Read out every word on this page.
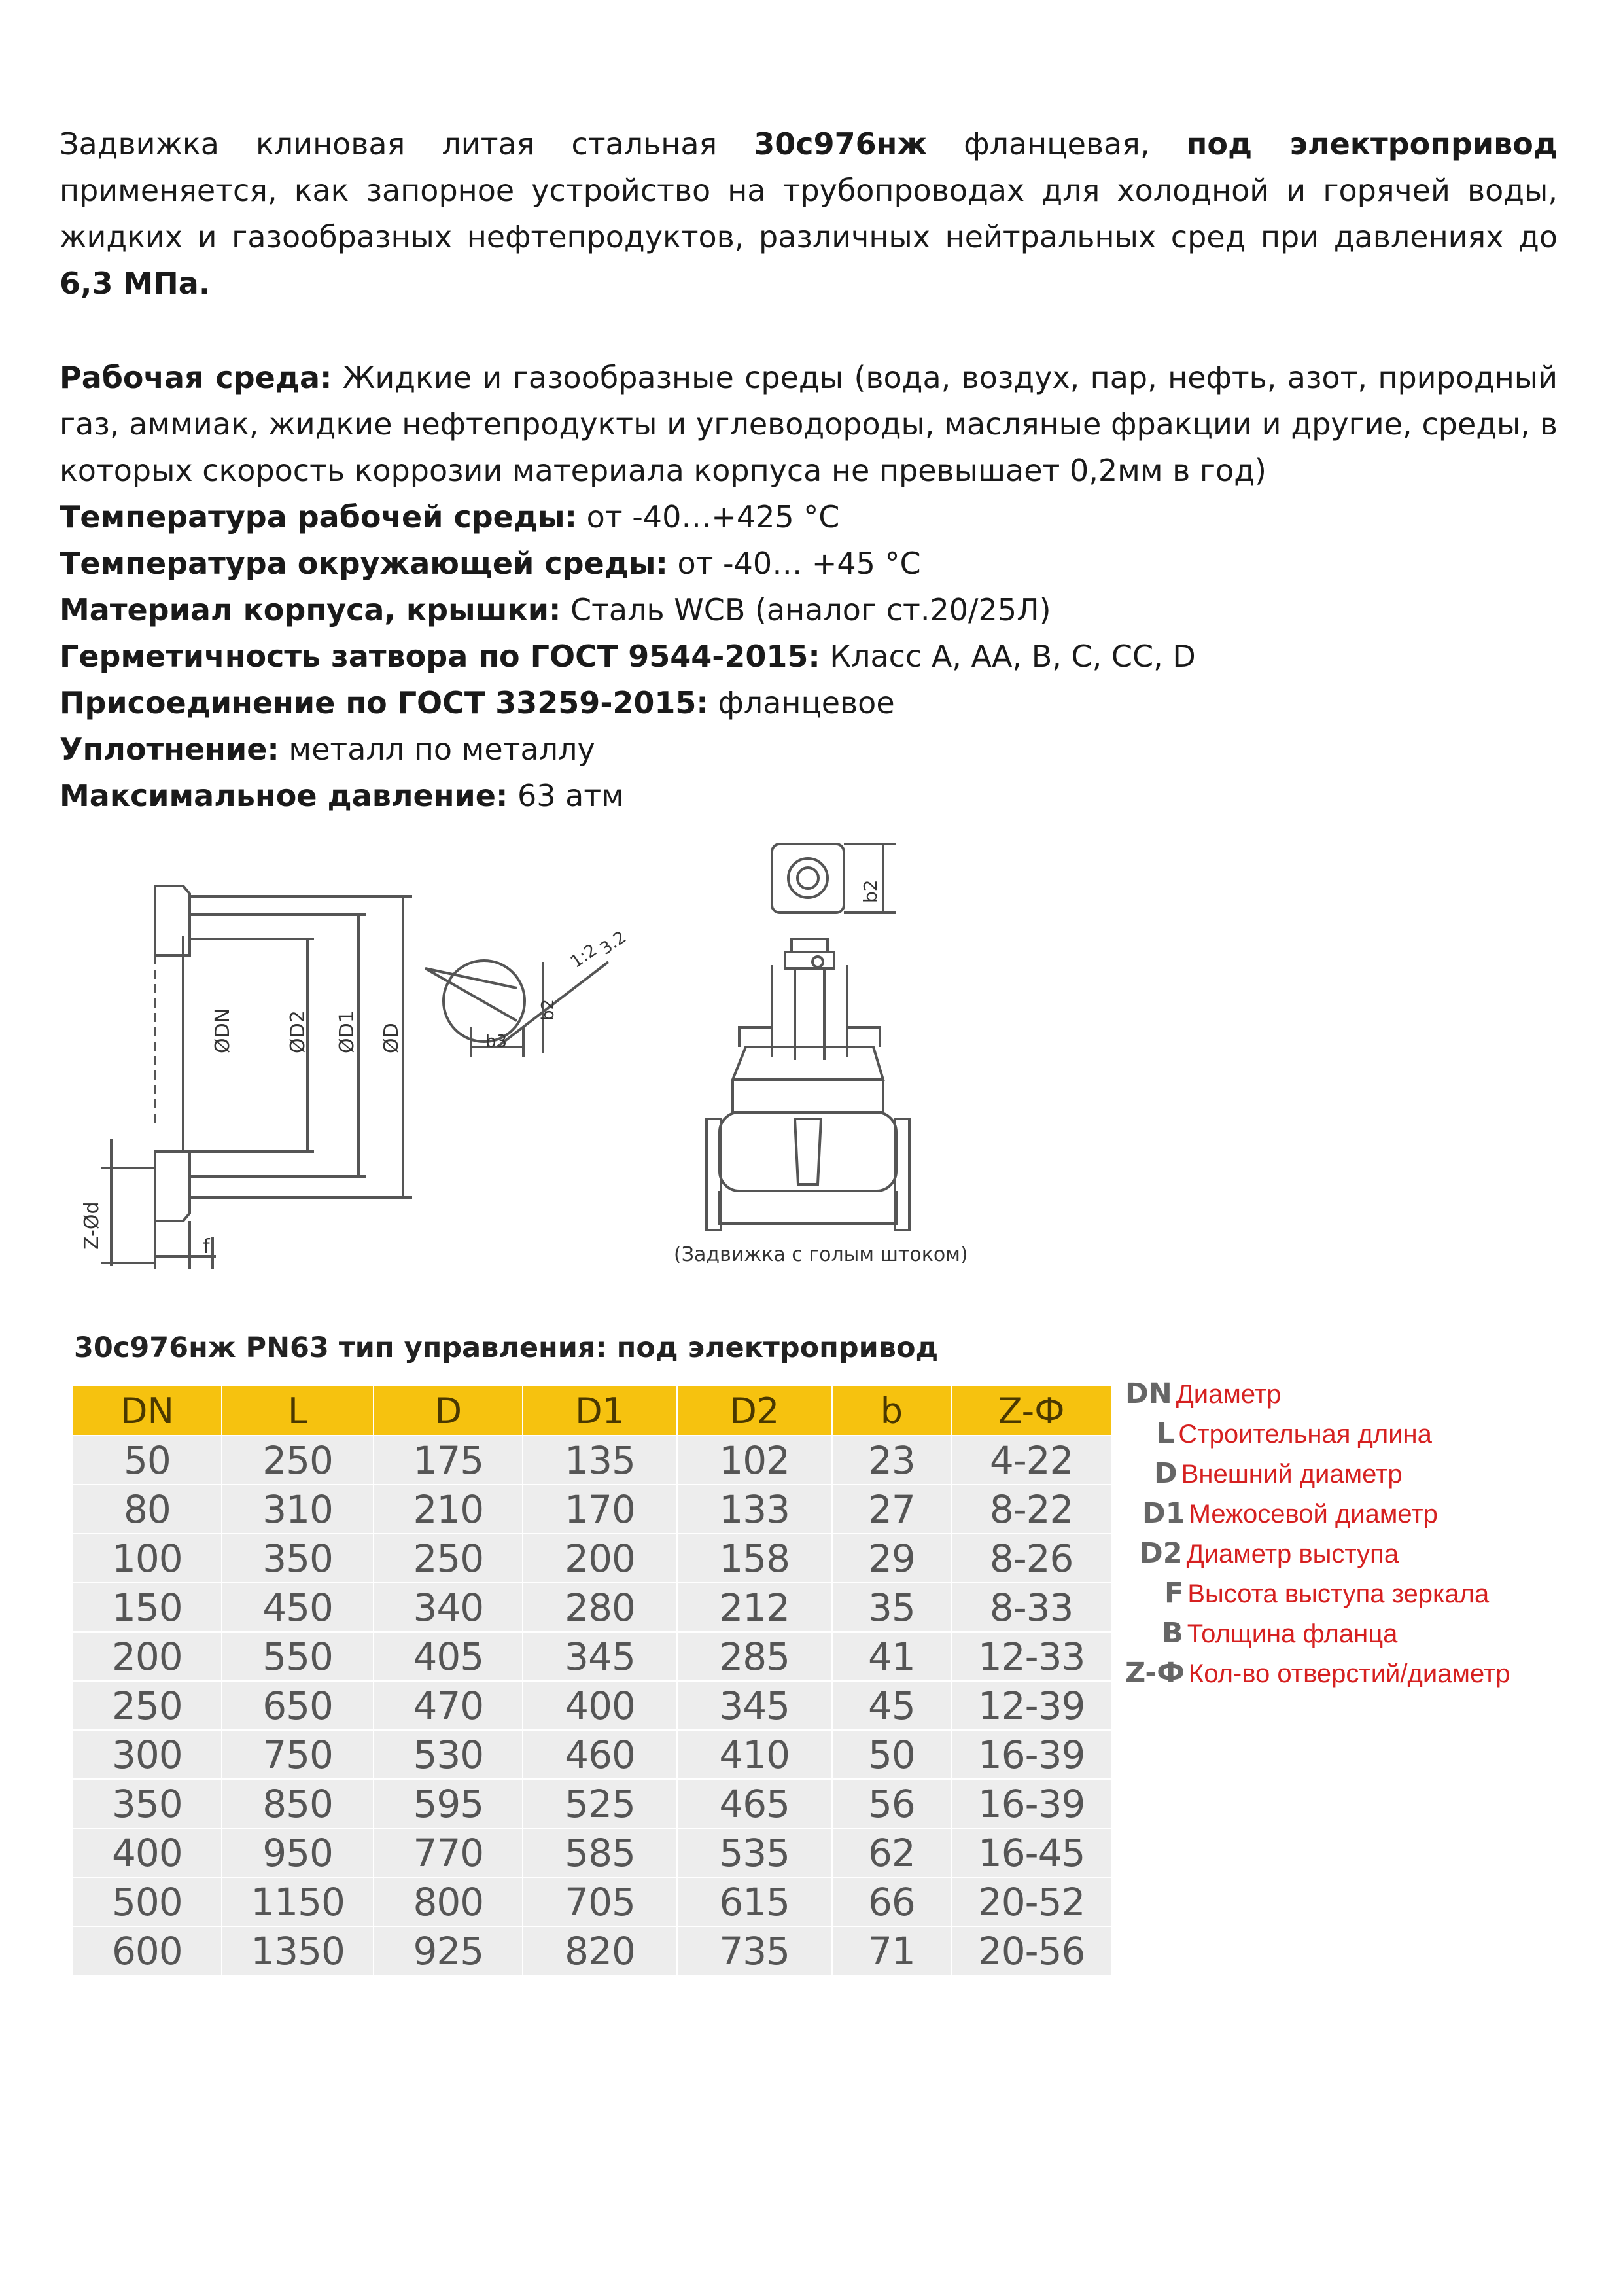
Задвижка клиновая литая стальная 30с976нж фланцевая, под электропривод применяется, как запорное устройство на трубопроводах для холодной и горячей воды, жидких и газообразных нефтепродуктов, различных нейтральных сред при давлениях до 6,3 МПа.

Рабочая среда: Жидкие и газообразные среды (вода, воздух, пар, нефть, азот, природный газ, аммиак, жидкие нефтепродукты и углеводороды, масляные фракции и другие, среды, в которых скорость коррозии материала корпуса не превышает 0,2мм в год)

Температура рабочей среды: от -40…+425 °С

Температура окружающей среды: от -40… +45 °С

Материал корпуса, крышки: Сталь WCB (аналог ст.20/25Л)

Герметичность затвора по ГОСТ 9544-2015: Класс А, АА, В, С, СС, D

Присоединение по ГОСТ 33259-2015: фланцевое

Уплотнение: металл по металлу

Максимальное давление: 63 атм

ØDN	ØD2 ØD1 ØD
Z-Ød	f
b2
b3
1:2
3.2
b2
(Задвижка с голым штоком)
30с976нж PN63 тип управления: под электропривод
DN	L	D	D1	D2	b	Z-Ф
50	250	175	135	102	23	4-22
80	310	210	170	133	27	8-22
100	350	250	200	158	29	8-26
150	450	340	280	212	35	8-33
200	550	405	345	285	41	12-33
250	650	470	400	345	45	12-39
300	750	530	460	410	50	16-39
350	850	595	525	465	56	16-39
400	950	770	585	535	62	16-45
500	1150	800	705	615	66	20-52
600	1350	925	820	735	71	20-56
DN Диаметр
L Строительная длина
D Внешний диаметр
D1 Межосевой диаметр
D2 Диаметр выступа
F Высота выступа зеркала
B Толщина фланца
Z-Ф Кол-во отверстий/диаметр
